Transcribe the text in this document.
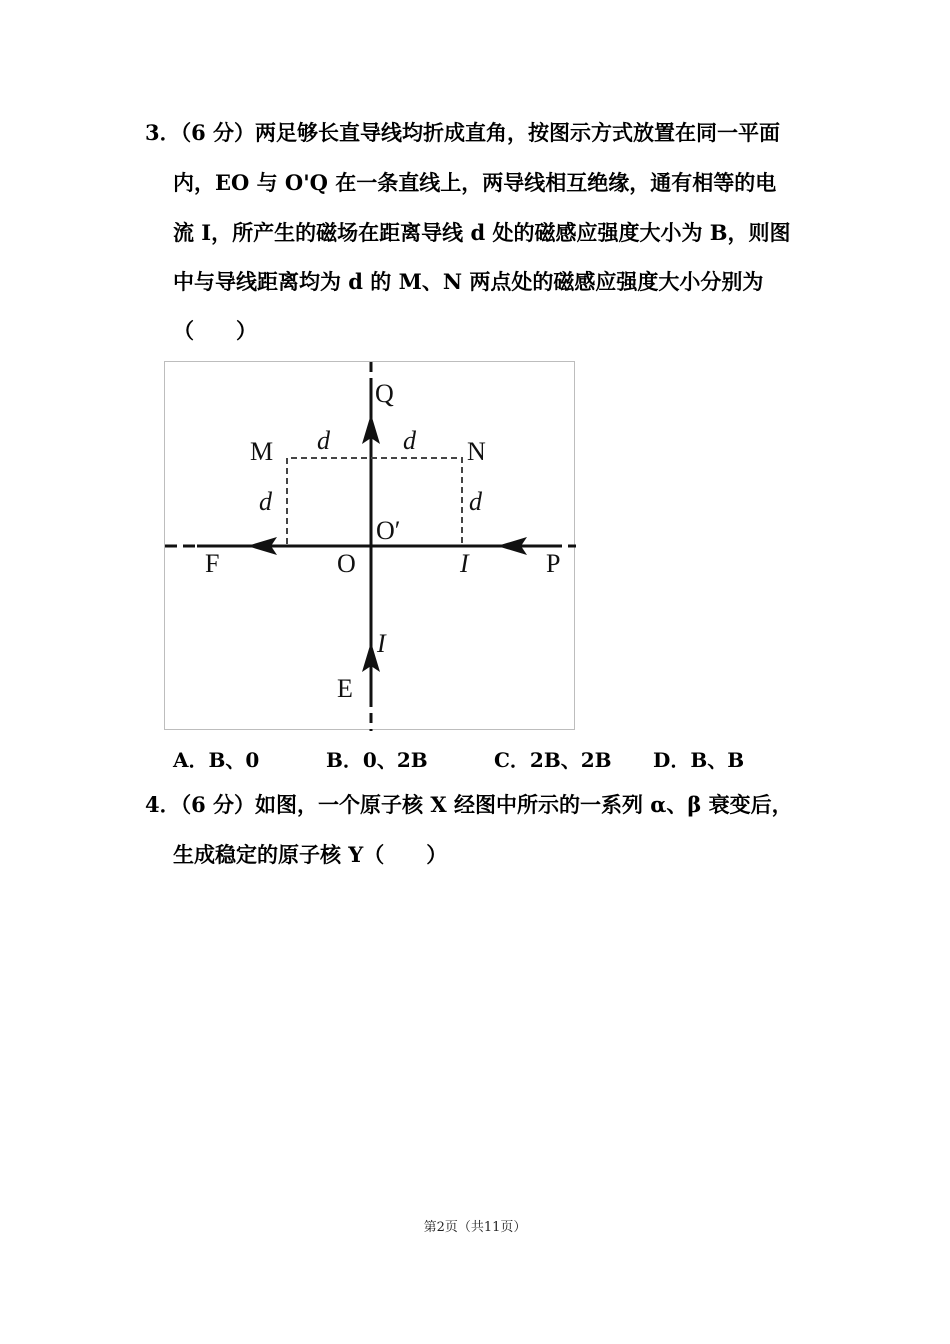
3．（6 分）两足够长直导线均折成直角，按图示方式放置在同一平面
内，EO 与 O'Q 在一条直线上，两导线相互绝缘，通有相等的电
流 I，所产生的磁场在距离导线 d 处的磁感应强度大小为 B，则图
中与导线距离均为 d 的 M、N 两点处的磁感应强度大小分别为
（　　）
Q
M	N
d	d
d	d
O′
F	O	I	P
I
E
A．B、0	B．0、2B	C．2B、2B D．B、B
4．（6 分）如图，一个原子核 X 经图中所示的一系列 α、β 衰变后，
生成稳定的原子核 Y（　　）
第2页（共11页）
